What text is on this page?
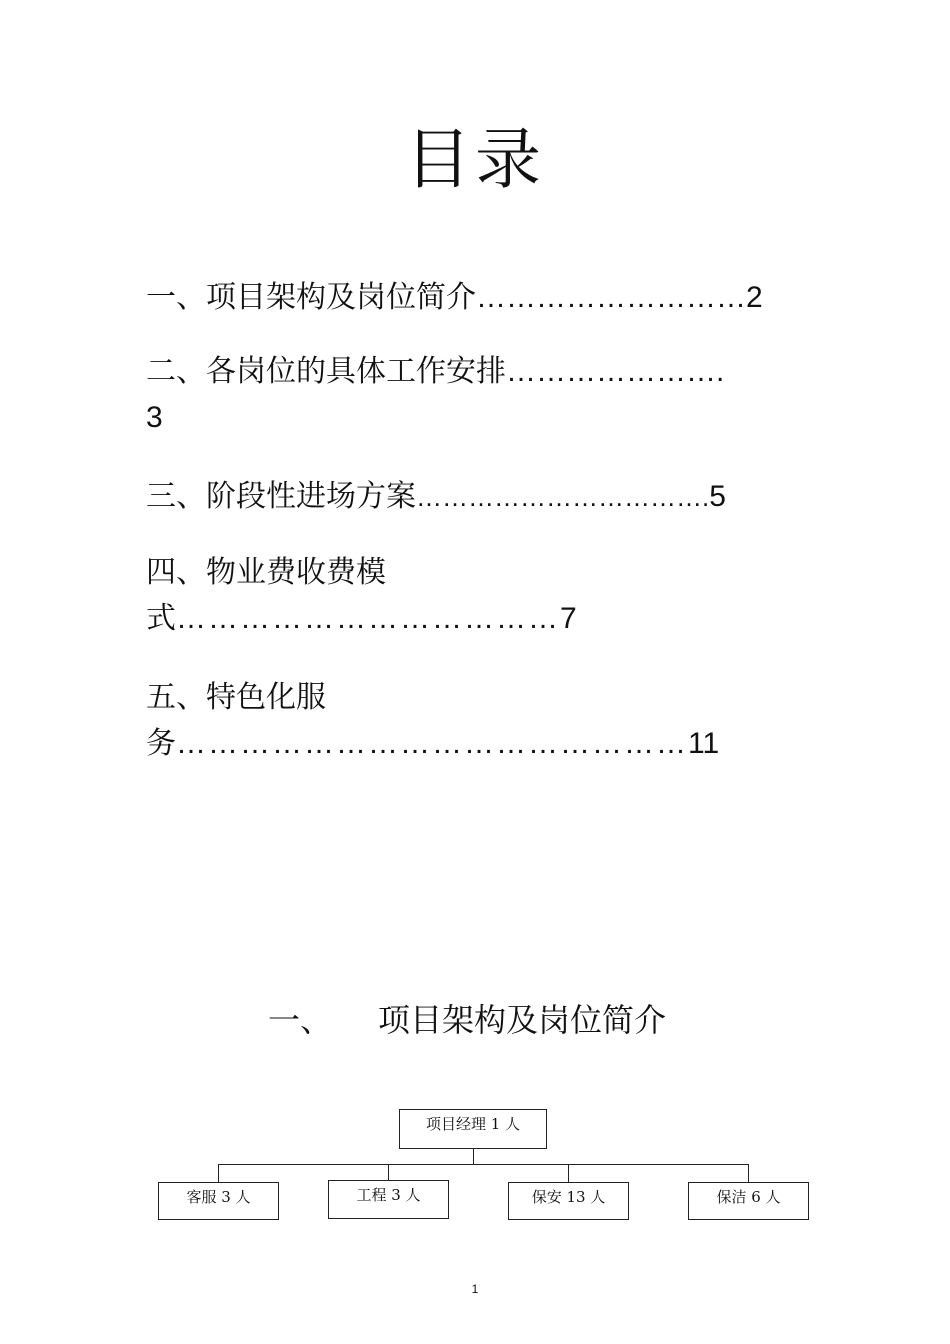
目录
一、项目架构及岗位简介………………………2
二、各岗位的具体工作安排………………….3
三、阶段性进场方案…………………………….5
四、物业费收费模式………………………………7
五、特色化服务…………………………………………11
一、 项目架构及岗位简介
项目经理 1 人
客服 3 人	工程 3 人	保安 13 人	保洁 6 人
1
